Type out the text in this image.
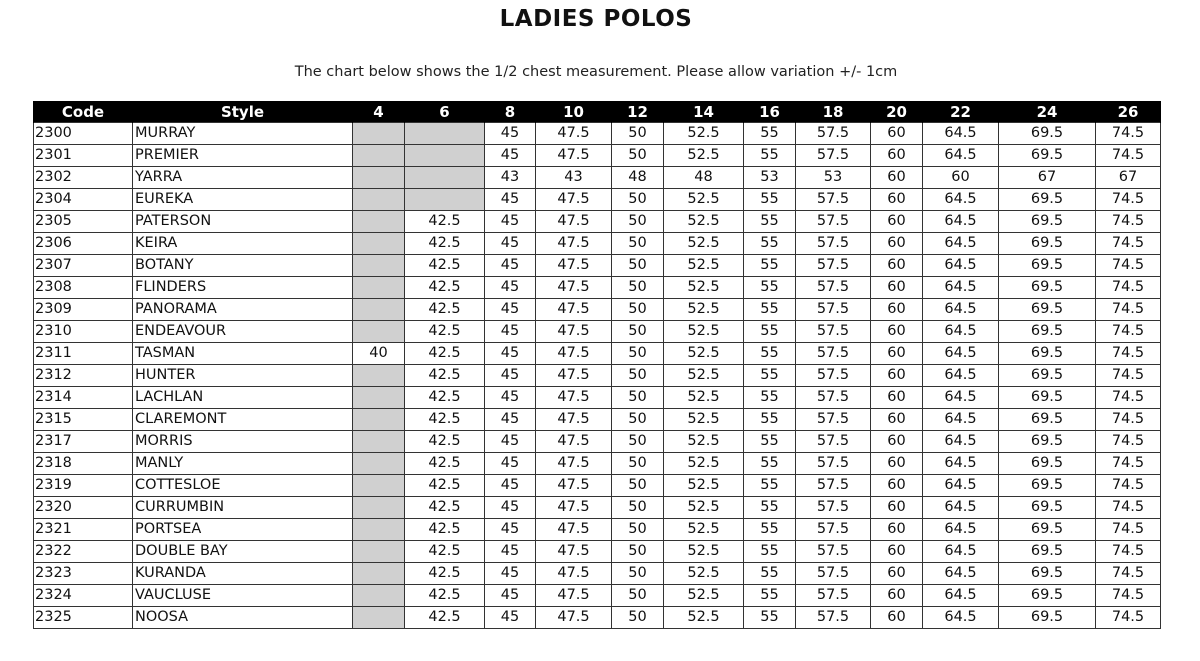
LADIES POLOS
The chart below shows the 1/2 chest measurement. Please allow variation +/- 1cm
Code	Style	4	6	8	10	12	14	16	18	20	22	24	26
2300	MURRAY			45	47.5	50	52.5	55	57.5	60	64.5	69.5	74.5
2301	PREMIER			45	47.5	50	52.5	55	57.5	60	64.5	69.5	74.5
2302	YARRA			43	43	48	48	53	53	60	60	67	67
2304	EUREKA			45	47.5	50	52.5	55	57.5	60	64.5	69.5	74.5
2305	PATERSON		42.5	45	47.5	50	52.5	55	57.5	60	64.5	69.5	74.5
2306	KEIRA		42.5	45	47.5	50	52.5	55	57.5	60	64.5	69.5	74.5
2307	BOTANY		42.5	45	47.5	50	52.5	55	57.5	60	64.5	69.5	74.5
2308	FLINDERS		42.5	45	47.5	50	52.5	55	57.5	60	64.5	69.5	74.5
2309	PANORAMA		42.5	45	47.5	50	52.5	55	57.5	60	64.5	69.5	74.5
2310	ENDEAVOUR		42.5	45	47.5	50	52.5	55	57.5	60	64.5	69.5	74.5
2311	TASMAN	40	42.5	45	47.5	50	52.5	55	57.5	60	64.5	69.5	74.5
2312	HUNTER		42.5	45	47.5	50	52.5	55	57.5	60	64.5	69.5	74.5
2314	LACHLAN		42.5	45	47.5	50	52.5	55	57.5	60	64.5	69.5	74.5
2315	CLAREMONT		42.5	45	47.5	50	52.5	55	57.5	60	64.5	69.5	74.5
2317	MORRIS		42.5	45	47.5	50	52.5	55	57.5	60	64.5	69.5	74.5
2318	MANLY		42.5	45	47.5	50	52.5	55	57.5	60	64.5	69.5	74.5
2319	COTTESLOE		42.5	45	47.5	50	52.5	55	57.5	60	64.5	69.5	74.5
2320	CURRUMBIN		42.5	45	47.5	50	52.5	55	57.5	60	64.5	69.5	74.5
2321	PORTSEA		42.5	45	47.5	50	52.5	55	57.5	60	64.5	69.5	74.5
2322	DOUBLE BAY		42.5	45	47.5	50	52.5	55	57.5	60	64.5	69.5	74.5
2323	KURANDA		42.5	45	47.5	50	52.5	55	57.5	60	64.5	69.5	74.5
2324	VAUCLUSE		42.5	45	47.5	50	52.5	55	57.5	60	64.5	69.5	74.5
2325	NOOSA		42.5	45	47.5	50	52.5	55	57.5	60	64.5	69.5	74.5
